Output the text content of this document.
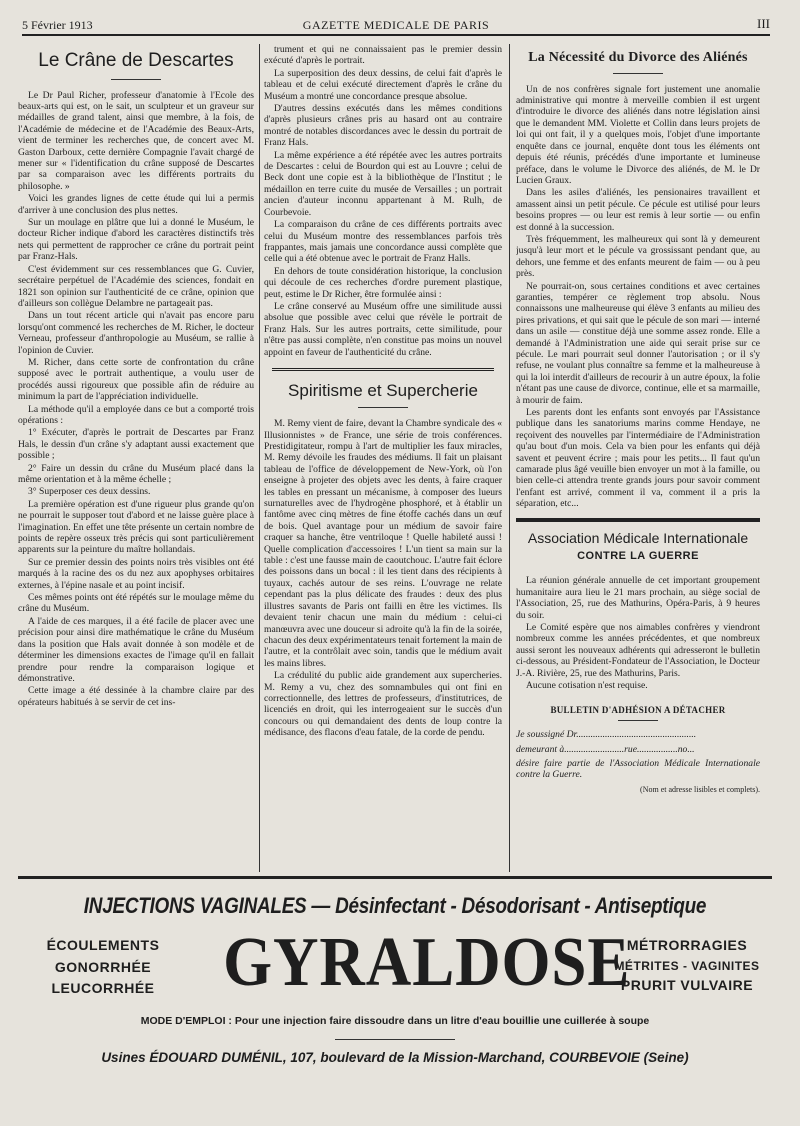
5 Février 1913	GAZETTE MEDICALE DE PARIS	III
Le Crâne de Descartes

Le Dr Paul Richer, professeur d'anatomie à l'Ecole des beaux-arts qui est, on le sait, un sculpteur et un graveur sur médailles de grand talent, ainsi que membre, à la fois, de l'Académie de médecine et de l'Académie des Beaux-Arts, vient de terminer les recherches que, de concert avec M. Gaston Darboux, cette dernière Compagnie l'avait chargé de mener sur « l'identification du crâne supposé de Descartes par sa comparaison avec les différents portraits du philosophe. »

Voici les grandes lignes de cette étude qui lui a permis d'arriver à une conclusion des plus nettes.

Sur un moulage en plâtre que lui a donné le Muséum, le docteur Richer indique d'abord les caractères distinctifs très nets qui permettent de rapprocher ce crâne du portrait peint par Franz-Hals.

C'est évidemment sur ces ressemblances que G. Cuvier, secrétaire perpétuel de l'Académie des sciences, fondait en 1821 son opinion sur l'authenticité de ce crâne, opinion que d'ailleurs son collègue Delambre ne partageait pas.

Dans un tout récent article qui n'avait pas encore paru lorsqu'ont commencé les recherches de M. Richer, le docteur Verneau, professeur d'anthropologie au Muséum, se rallie à l'opinion de Cuvier.

M. Richer, dans cette sorte de confrontation du crâne supposé avec le portrait authentique, a voulu user de procédés aussi rigoureux que possible afin de réduire au minimum la part de l'appréciation individuelle.

La méthode qu'il a employée dans ce but a comporté trois opérations :

1° Exécuter, d'après le portrait de Descartes par Franz Hals, le dessin d'un crâne s'y adaptant aussi exactement que possible ;

2° Faire un dessin du crâne du Muséum placé dans la même orientation et à la même échelle ;

3° Superposer ces deux dessins.

La première opération est d'une rigueur plus grande qu'on ne pourrait le supposer tout d'abord et ne laisse guère place à l'imagination. En effet une tête présente un certain nombre de points de repère osseux très précis qui sont particulièrement apparents sur la peinture du maître hollandais.

Sur ce premier dessin des points noirs très visibles ont été marqués à la racine des os du nez aux apophyses orbitaires externes, à l'épine nasale et au point incisif.

Ces mêmes points ont été répétés sur le moulage même du crâne du Muséum.

A l'aide de ces marques, il a été facile de placer avec une précision pour ainsi dire mathématique le crâne du Muséum dans la position que Hals avait donnée à son modèle et de déterminer les dimensions exactes de l'image qu'il en fallait prendre pour rendre la comparaison logique et démonstrative.

Cette image a été dessinée à la chambre claire par des opérateurs habitués à se servir de cet ins-

trument et qui ne connaissaient pas le premier dessin exécuté d'après le portrait.

La superposition des deux dessins, de celui fait d'après le tableau et de celui exécuté directement d'après le crâne du Muséum a montré une concordance presque absolue.

D'autres dessins exécutés dans les mêmes conditions d'après plusieurs crânes pris au hasard ont au contraire montré de notables discordances avec le dessin du portrait de Franz Hals.

La même expérience a été répétée avec les autres portraits de Descartes : celui de Bourdon qui est au Louvre ; celui de Beck dont une copie est à la bibliothèque de l'Institut ; le médaillon en terre cuite du musée de Versailles ; un portrait ancien d'auteur inconnu appartenant à M. Rulh, de Courbevoie.

La comparaison du crâne de ces différents portraits avec celui du Muséum montre des ressemblances parfois très frappantes, mais jamais une concordance aussi complète que celle qui a été obtenue avec le portrait de Franz Halls.

En dehors de toute considération historique, la conclusion qui découle de ces recherches d'ordre purement plastique, peut, estime le Dr Richer, être formulée ainsi :

Le crâne conservé au Muséum offre une similitude aussi absolue que possible avec celui que révèle le portrait de Franz Hals. Sur les autres portraits, cette similitude, pour n'être pas aussi complète, n'en constitue pas moins un nouvel appoint en faveur de l'authenticité du crâne.

Spiritisme et Supercherie

M. Remy vient de faire, devant la Chambre syndicale des « Illusionnistes » de France, une série de trois conférences. Prestidigitateur, rompu à l'art de multiplier les faux miracles, M. Remy dévoile les fraudes des médiums. Il fait un plaisant tableau de l'office de développement de New-York, où l'on enseigne à projeter des objets avec les dents, à faire craquer les tables en pressant un mécanisme, à composer des lueurs surnaturelles avec de l'hydrogène phosphoré, et à établir un fantôme avec cinq mètres de fine étoffe cachés dans un œuf de bois. Quel avantage pour un médium de savoir faire craquer sa hanche, être ventriloque ! Quelle habileté aussi ! Quelle complication d'accessoires ! L'un tient sa main sur la table : c'est une fausse main de caoutchouc. L'autre fait éclore des poissons dans un bocal : il les tient dans des récipients à tuyaux, cachés autour de ses reins. L'ouvrage ne relate cependant pas la plus délicate des fraudes : deux des plus illustres savants de Paris ont failli en être les victimes. Ils devaient tenir chacun une main du médium : celui-ci manœuvra avec une douceur si adroite qu'à la fin de la soirée, chacun des deux expérimentateurs tenait fortement la main de l'autre, et la contrôlait avec soin, tandis que le médium avait les mains libres.

La crédulité du public aide grandement aux supercheries. M. Remy a vu, chez des somnambules qui ont fini en correctionnelle, des lettres de professeurs, d'institutrices, de licenciés en droit, qui les interrogeaient sur le succès d'un concours ou qui demandaient des dents de loup contre la médisance, des flacons d'eau fatale, de la corde de pendu.

La Nécessité du Divorce des Aliénés

Un de nos confrères signale fort justement une anomalie administrative qui montre à merveille combien il est urgent d'introduire le divorce des aliénés dans notre législation ainsi que le demandent MM. Violette et Collin dans leurs projets de loi qui ont fait, il y a quelques mois, l'objet d'une importante enquête dans ce journal, enquête dont tous les éléments ont depuis été réunis, précédés d'une importante et lumineuse préface, dans le volume le Divorce des aliénés, de M. le Dr Lucien Graux.

Dans les asiles d'aliénés, les pensionaires travaillent et amassent ainsi un petit pécule. Ce pécule est utilisé pour leurs besoins propres — ou leur est remis à leur sortie — ou enfin est donné à la succession.

Très fréquemment, les malheureux qui sont là y demeurent jusqu'à leur mort et le pécule va grossissant pendant que, au dehors, une femme et des enfants meurent de faim — ou à peu près.

Ne pourrait-on, sous certaines conditions et avec certaines garanties, tempérer ce règlement trop absolu. Nous connaissons une malheureuse qui élève 3 enfants au milieu des pires privations, et qui sait que le pécule de son mari — interné dans un asile — constitue déjà une somme assez ronde. Elle a demandé à l'Administration une aide qui serait prise sur ce pécule. Le mari pourrait seul donner l'autorisation ; or il s'y refuse, ne voulant plus connaître sa femme et la malheureuse à qui la loi interdit d'ailleurs de recourir à un autre époux, la folie n'étant pas une cause de divorce, continue, elle et sa marmaille, à mourir de faim.

Les parents dont les enfants sont envoyés par l'Assistance publique dans les sanatoriums marins comme Hendaye, ne reçoivent des nouvelles par l'intermédiaire de l'Administration qu'au bout d'un mois. Cela va bien pour les enfants qui déjà savent et peuvent écrire ; mais pour les petits... Il faut qu'un camarade plus âgé veuille bien envoyer un mot à la famille, ou bien celle-ci attendra trente grands jours pour savoir comment l'enfant est arrivé, comment il va, comment il a pris la séparation, etc...

Association Médicale Internationale
CONTRE LA GUERRE

La réunion générale annuelle de cet important groupement humanitaire aura lieu le 21 mars prochain, au siège social de l'Association, 25, rue des Mathurins, Opéra-Paris, à 9 heures du soir.

Le Comité espère que nos aimables confrères y viendront nombreux comme les années précédentes, et que nombreux aussi seront les nouveaux adhérents qui adresseront le bulletin ci-dessous, au Président-Fondateur de l'Association, le Docteur J.-A. Rivière, 25, rue des Mathurins, Paris.

Aucune cotisation n'est requise.

BULLETIN D'ADHÉSION A DÉTACHER

Je soussigné Dr..................................................

demeurant à.........................rue.................no...

désire faire partie de l'Association Médicale Internationale contre la Guerre.

(Nom et adresse lisibles et complets).
INJECTIONS VAGINALES — Désinfectant - Désodorisant - Antiseptique
ÉCOULEMENTS
GONORRHÉE
LEUCORRHÉE GYRALDOSE
MÉTRORRAGIES
MÉTRITES - VAGINITES
PRURIT VULVAIRE
MODE D'EMPLOI : Pour une injection faire dissoudre dans un litre d'eau bouillie une cuillerée à soupe
Usines ÉDOUARD DUMÉNIL, 107, boulevard de la Mission-Marchand, COURBEVOIE (Seine)
